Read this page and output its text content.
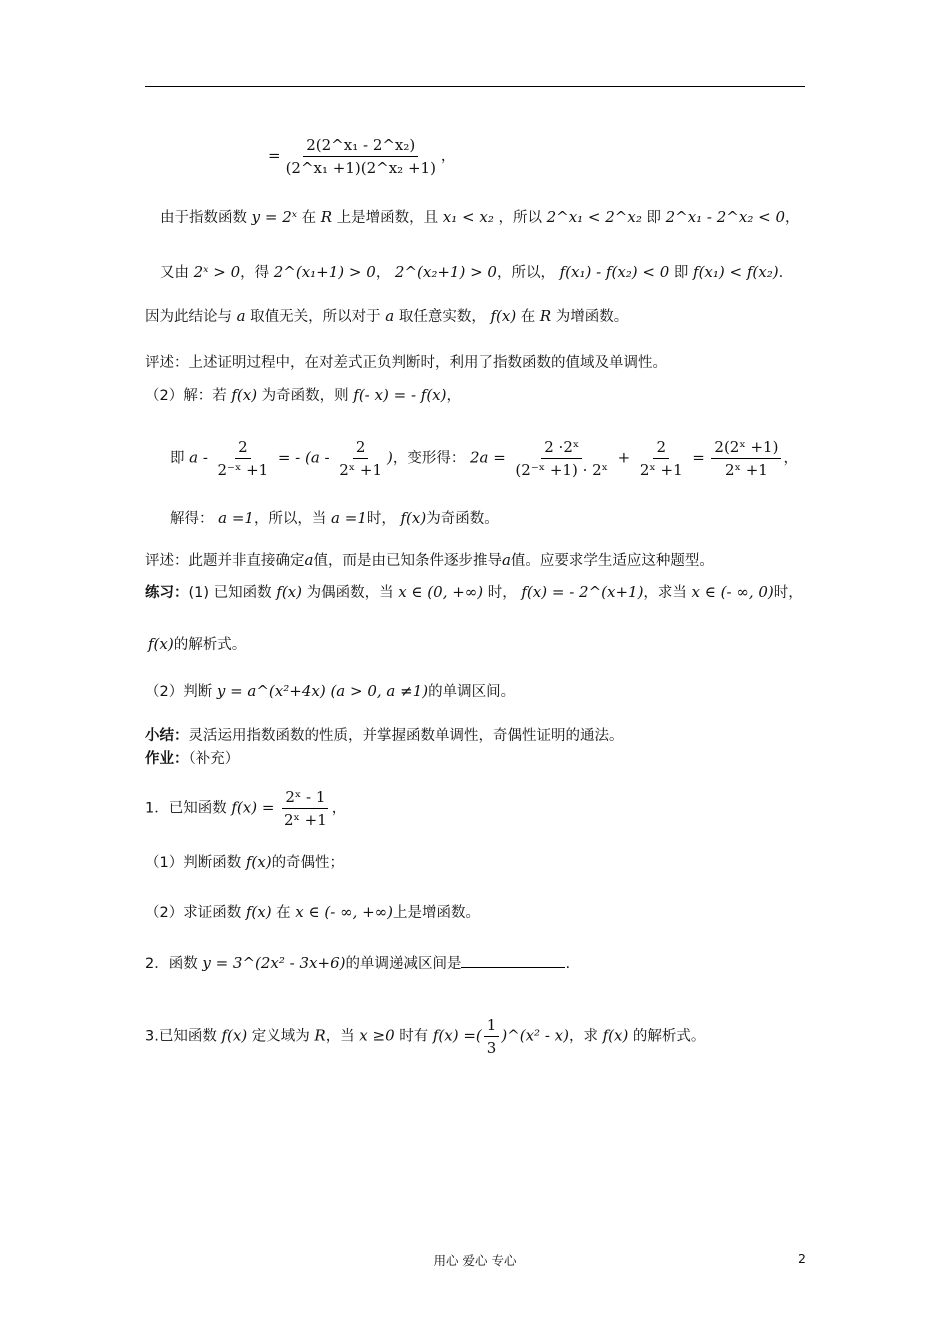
= $\frac{\text{2(2\textasciicircum{}x₁ - 2\textasciicircum{}x₂)}}{\text{(2\textasciicircum{}x₁ +1)(2\textasciicircum{}x₂ +1)}}$ ，
由于指数函数 y = 2ˣ 在 R 上是增函数，且 x₁ < x₂ ，所以 2^x₁ < 2^x₂ 即 2^x₁ - 2^x₂ < 0，
又由 2ˣ > 0，得 2^(x₁+1) > 0， 2^(x₂+1) > 0，所以， f(x₁) - f(x₂) < 0 即 f(x₁) < f(x₂).
因为此结论与 a 取值无关，所以对于 a 取任意实数， f(x) 在 R 为增函数。
评述：上述证明过程中，在对差式正负判断时，利用了指数函数的值域及单调性。
（2）解：若 f(x) 为奇函数，则 f(- x) = - f(x)，
即 a - $\frac{2}{\text{2⁻ˣ +1}}$ = - ($a - \frac{2}{\text{2ˣ +1}}$ )，变形得： $2a = \frac{\text{2 ·2ˣ}}{\text{(2⁻ˣ +1) · 2ˣ}} + \frac{2}{\text{2ˣ +1}} = \frac{\text{2(2ˣ +1)}}{\text{2ˣ +1}}$ ，
解得： a =1，所以，当 a =1时， f(x)为奇函数。
评述：此题并非直接确定a值，而是由已知条件逐步推导a值。应要求学生适应这种题型。
练习：(1) 已知函数 f(x) 为偶函数，当 x ∈ (0, +∞) 时， f(x) = - 2^(x+1)，求当 x ∈ (- ∞, 0)时，
f(x)的解析式。
（2）判断 y = a^(x²+4x) (a > 0, a ≠1)的单调区间。
小结：灵活运用指数函数的性质，并掌握函数单调性，奇偶性证明的通法。
作业：（补充）
1．已知函数 $f(x) = \frac{\text{2ˣ - 1}}{\text{2ˣ +1}}$ ，
（1）判断函数 f(x)的奇偶性；
（2）求证函数 f(x) 在 x ∈ (- ∞, +∞)上是增函数。
2．函数 y = 3^(2x² - 3x+6)的单调递减区间是	.
3.已知函数 f(x) 定义域为 R，当 x ≥0 时有 f(x) =( $\frac{1}{3}$ )^(x² - x)，求 f(x) 的解析式。
用心 爱心 专心	2
